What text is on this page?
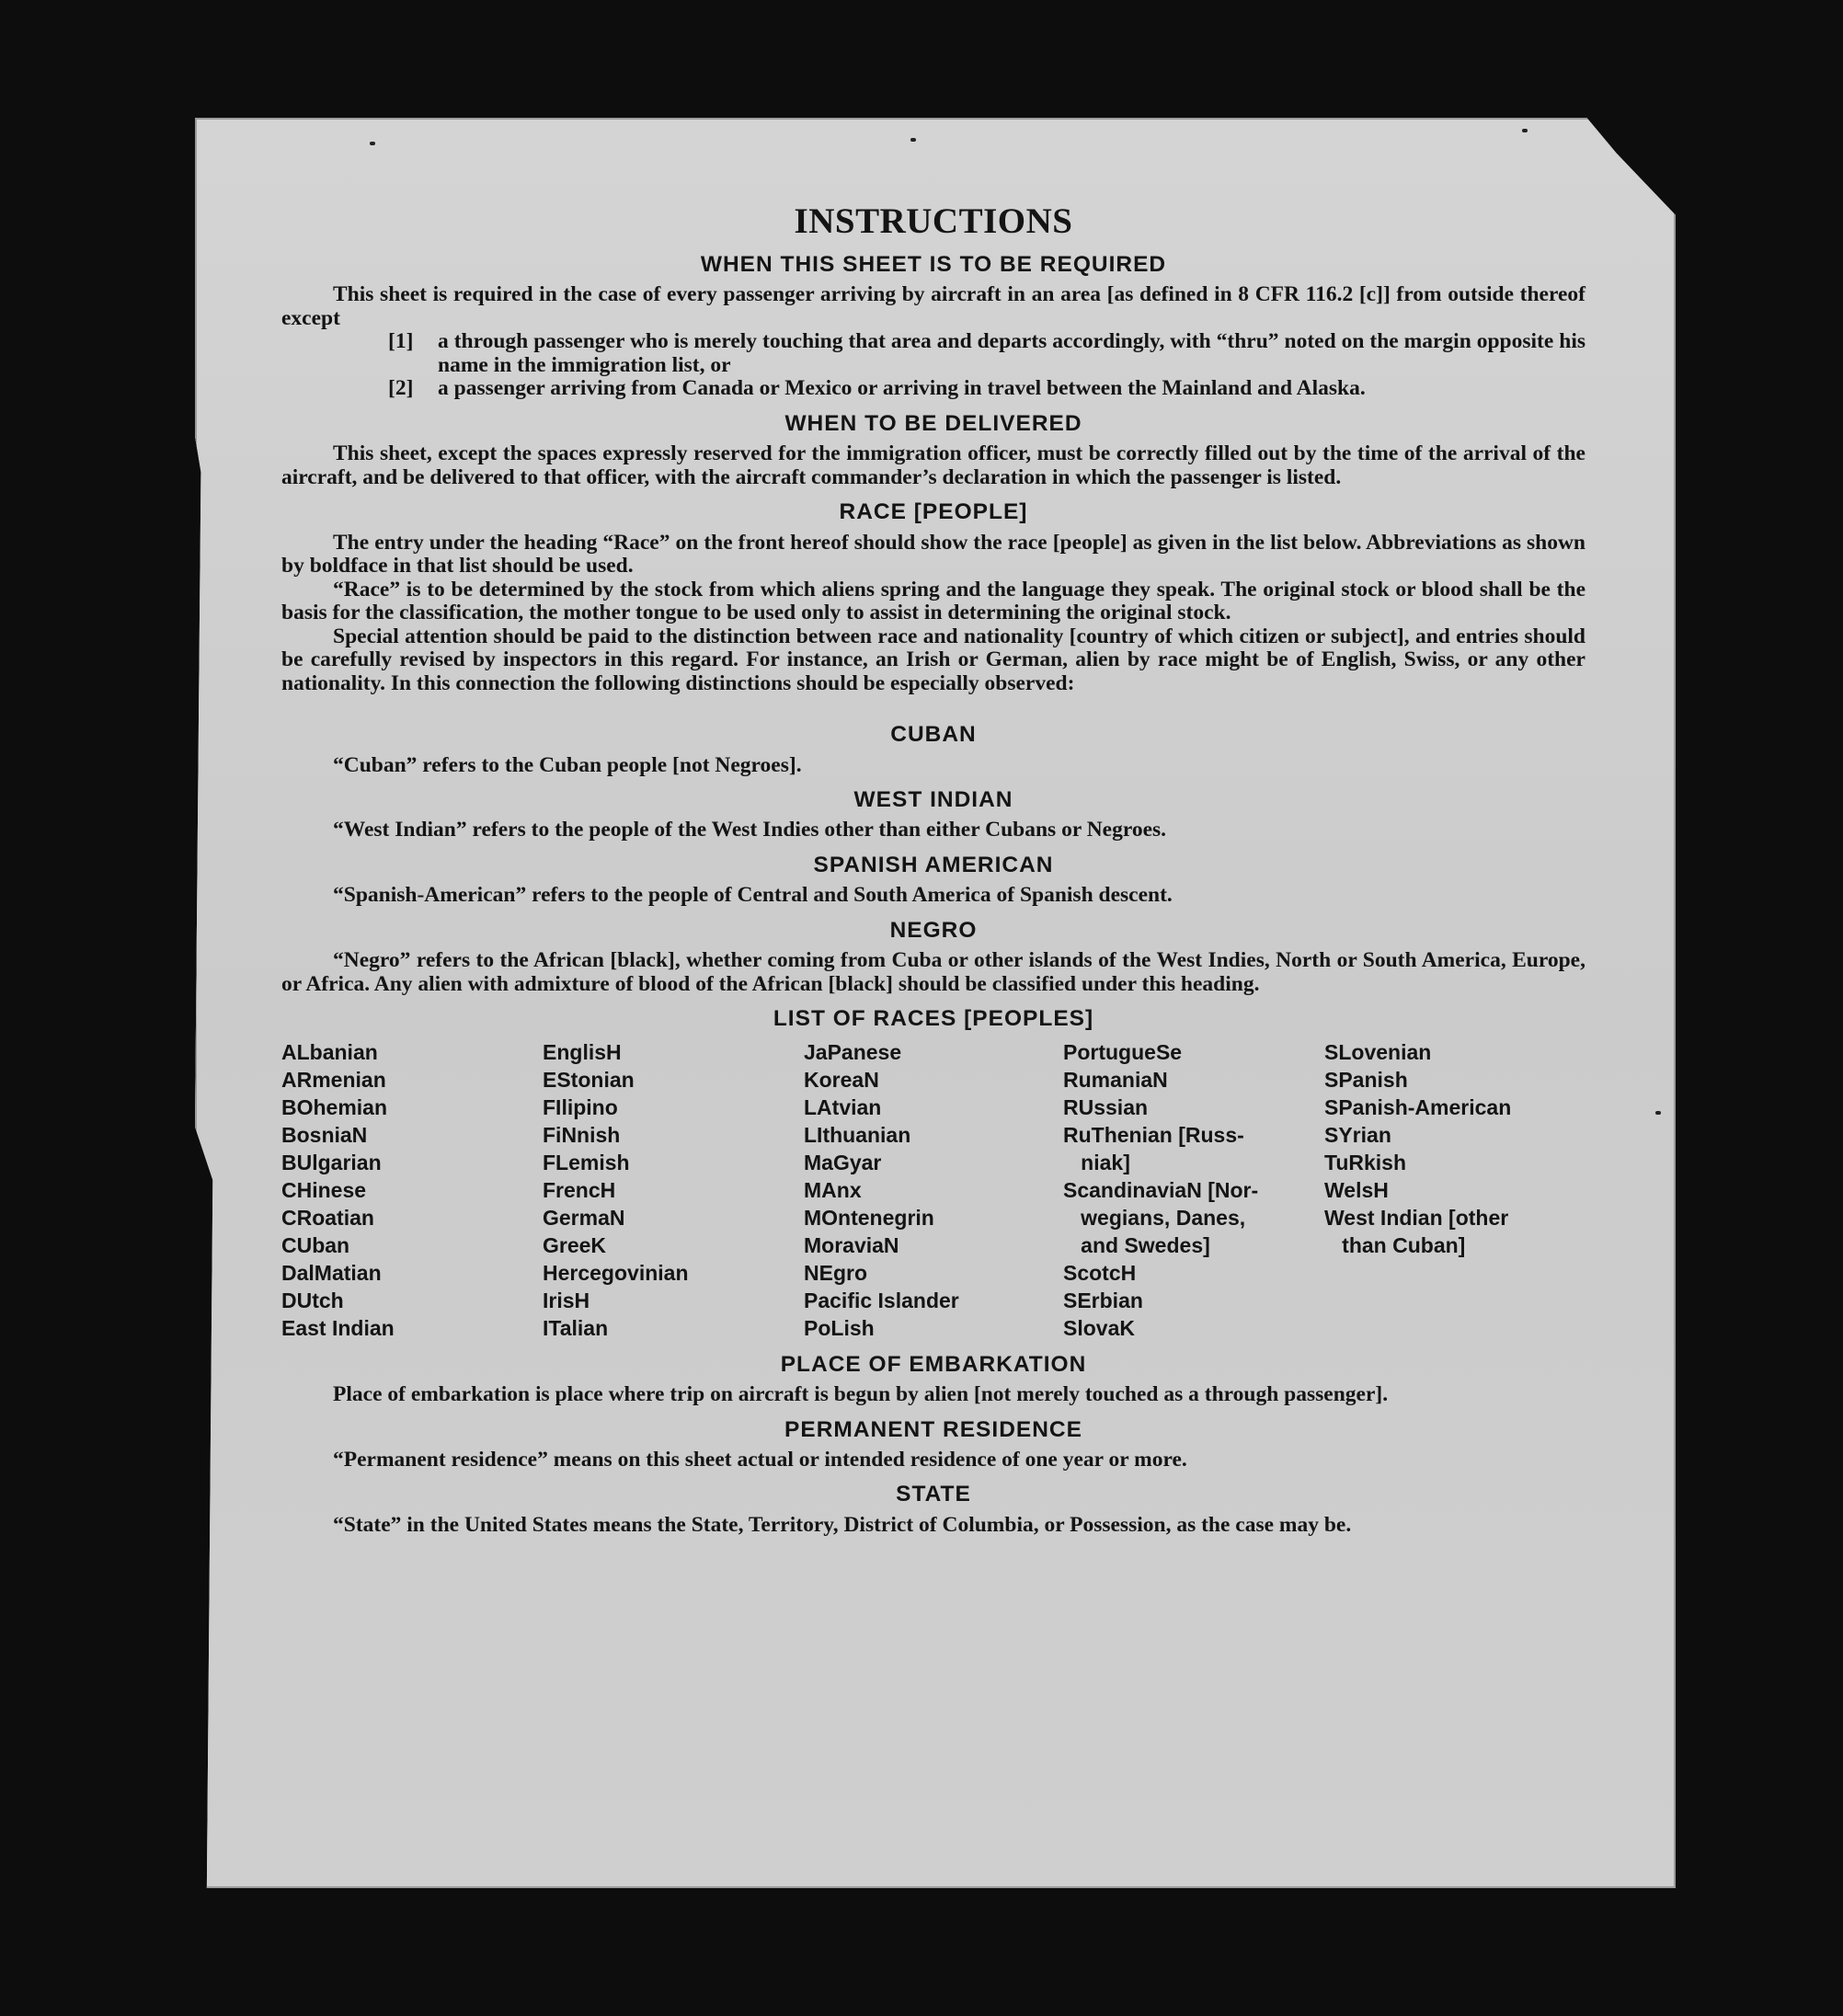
INSTRUCTIONS
WHEN THIS SHEET IS TO BE REQUIRED

This sheet is required in the case of every passenger arriving by aircraft in an area [as defined in 8 CFR 116.2 [c]] from outside thereof except

[1]	a through passenger who is merely touching that area and departs accordingly, with “thru” noted on the margin opposite his name in the immigration list, or
[2]	a passenger arriving from Canada or Mexico or arriving in travel between the Mainland and Alaska.
WHEN TO BE DELIVERED

This sheet, except the spaces expressly reserved for the immigration officer, must be correctly filled out by the time of the arrival of the aircraft, and be delivered to that officer, with the aircraft commander’s declaration in which the passenger is listed.

RACE [PEOPLE]

The entry under the heading “Race” on the front hereof should show the race [people] as given in the list below. Abbreviations as shown by boldface in that list should be used.

“Race” is to be determined by the stock from which aliens spring and the language they speak. The original stock or blood shall be the basis for the classification, the mother tongue to be used only to assist in determining the original stock.

Special attention should be paid to the distinction between race and nationality [country of which citizen or subject], and entries should be carefully revised by inspectors in this regard. For instance, an Irish or German, alien by race might be of English, Swiss, or any other nationality. In this connection the following distinctions should be especially observed:

CUBAN

“Cuban” refers to the Cuban people [not Negroes].

WEST INDIAN

“West Indian” refers to the people of the West Indies other than either Cubans or Negroes.

SPANISH AMERICAN

“Spanish-American” refers to the people of Central and South America of Spanish descent.

NEGRO

“Negro” refers to the African [black], whether coming from Cuba or other islands of the West Indies, North or South America, Europe, or Africa. Any alien with admixture of blood of the African [black] should be classified under this heading.

LIST OF RACES [PEOPLES]
ALbanian
ARmenian
BOhemian
BosniaN
BUlgarian
CHinese
CRoatian
CUban
DalMatian
DUtch
East Indian
EnglisH
EStonian
FIlipino
FiNnish
FLemish
FrencH
GermaN
GreeK
Hercegovinian
IrisH
ITalian
JaPanese
KoreaN
LAtvian
LIthuanian
MaGyar
MAnx
MOntenegrin
MoraviaN
NEgro
Pacific Islander
PoLish
PortugueSe
RumaniaN
RUssian
RuThenian [Russ-
niak]
ScandinaviaN [Nor-
wegians, Danes,
and Swedes]
ScotcH
SErbian
SlovaK
SLovenian
SPanish
SPanish-American
SYrian
TuRkish
WelsH
West Indian [other
than Cuban]
PLACE OF EMBARKATION

Place of embarkation is place where trip on aircraft is begun by alien [not merely touched as a through passenger].

PERMANENT RESIDENCE

“Permanent residence” means on this sheet actual or intended residence of one year or more.

STATE

“State” in the United States means the State, Territory, District of Columbia, or Possession, as the case may be.
